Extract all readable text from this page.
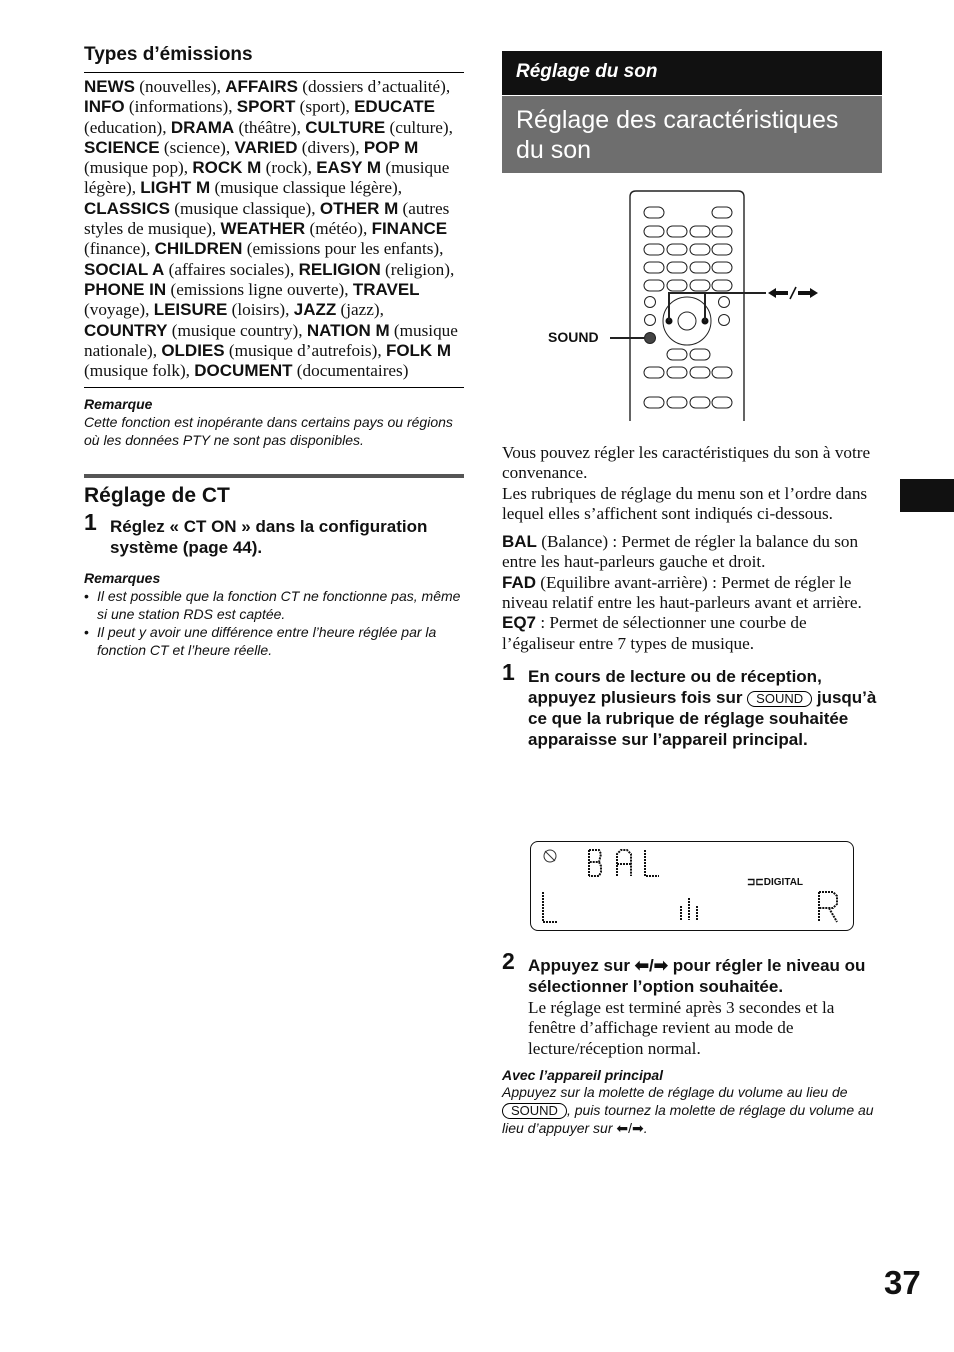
Types d’émissions
NEWS (nouvelles), AFFAIRS (dossiers d’actualité), INFO (informations), SPORT (sport), EDUCATE (education), DRAMA (théâtre), CULTURE (culture), SCIENCE (science), VARIED (divers), POP M (musique pop), ROCK M (rock), EASY M (musique légère), LIGHT M (musique classique légère), CLASSICS (musique classique), OTHER M (autres styles de musique), WEATHER (météo), FINANCE (finance), CHILDREN (emissions pour les enfants), SOCIAL A (affaires sociales), RELIGION (religion), PHONE IN (emissions ligne ouverte), TRAVEL (voyage), LEISURE (loisirs), JAZZ (jazz), COUNTRY (musique country), NATION M (musique nationale), OLDIES (musique d’autrefois), FOLK M (musique folk), DOCUMENT (documentaires)
Remarque
Cette fonction est inopérante dans certains pays ou régions où les données PTY ne sont pas disponibles.
Réglage de CT
1 Réglez « CT ON » dans la configuration système (page 44).
Remarques
• Il est possible que la fonction CT ne fonctionne pas, même si une station RDS est captée.
• Il peut y avoir une différence entre l’heure réglée par la fonction CT et l’heure réelle.
Réglage du son
Réglage des caractéristiques du son
SOUND

Vous pouvez régler les caractéristiques du son à votre convenance.

Les rubriques de réglage du menu son et l’ordre dans lequel elles s’affichent sont indiqués ci-dessous.

BAL (Balance) : Permet de régler la balance du son entre les haut-parleurs gauche et droit.

FAD (Equilibre avant-arrière) : Permet de régler le niveau relatif entre les haut-parleurs avant et arrière.

EQ7 : Permet de sélectionner une courbe de l’égaliseur entre 7 types de musique.

1 En cours de lecture ou de réception, appuyez plusieurs fois sur SOUND jusqu’à ce que la rubrique de réglage souhaitée apparaisse sur l’appareil principal.
⊐⊏DIGITAL
2 Appuyez sur ⬅/➡ pour régler le niveau ou sélectionner l’option souhaitée.
Le réglage est terminé après 3 secondes et la fenêtre d’affichage revient au mode de lecture/réception normal.
Avec l’appareil principal
Appuyez sur la molette de réglage du volume au lieu de SOUND , puis tournez la molette de réglage du volume au lieu d’appuyer sur ⬅/➡.
37
